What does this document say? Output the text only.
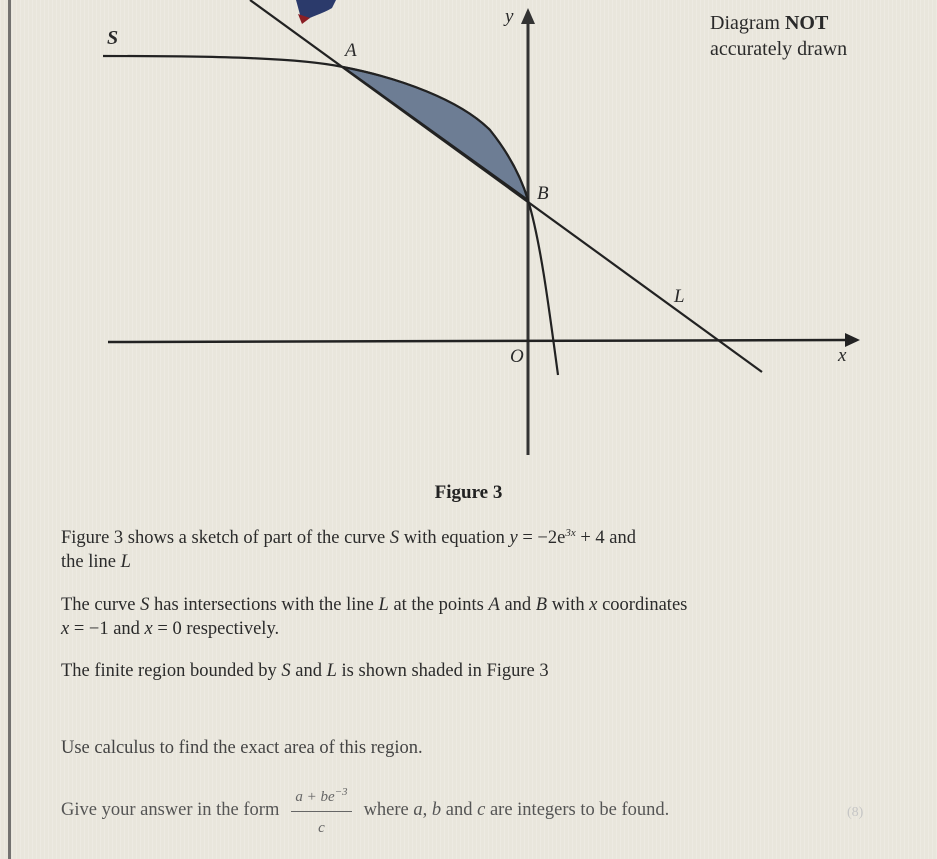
S
A
B
L
O	x
y	Diagram NOT
accurately drawn
Figure 3
Figure 3 shows a sketch of part of the curve S with equation $y = -2e^{3x} + 4$ and
the line L
The curve S has intersections with the line L at the points A and B with x coordinates
x = −1 and x = 0 respectively.
The finite region bounded by S and L is shown shaded in Figure 3
Use calculus to find the exact area of this region.
Give your answer in the form $\frac{a + be^{-3}}{c}$ where a, b and c are integers to be found.	(8)
